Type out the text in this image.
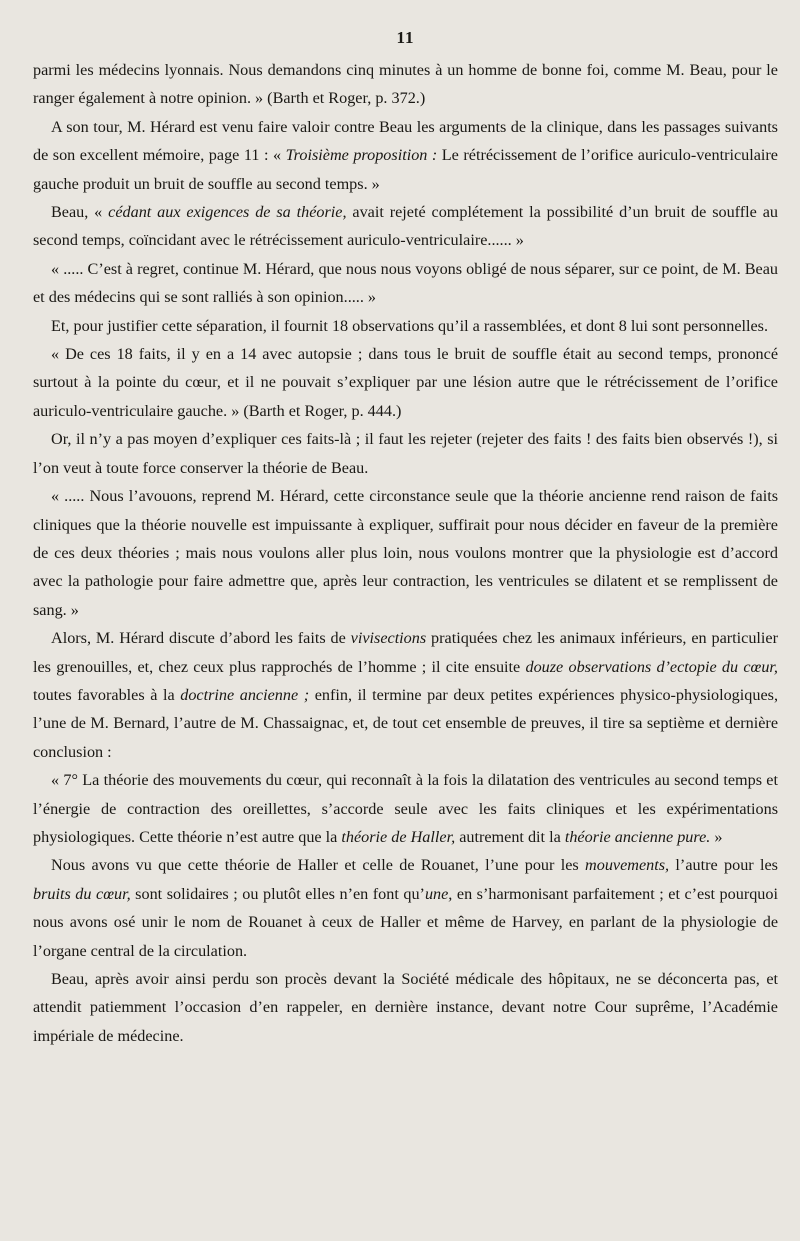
11

parmi les médecins lyonnais. Nous demandons cinq minutes à un homme de bonne foi, comme M. Beau, pour le ranger également à notre opinion. » (Barth et Roger, p. 372.)

A son tour, M. Hérard est venu faire valoir contre Beau les arguments de la clinique, dans les passages suivants de son excellent mémoire, page 11 : « Troisième proposition : Le rétrécissement de l’orifice auriculo-ventriculaire gauche produit un bruit de souffle au second temps. »

Beau, « cédant aux exigences de sa théorie, avait rejeté complétement la possibilité d’un bruit de souffle au second temps, coïncidant avec le rétrécissement auriculo-ventriculaire...... »

« ..... C’est à regret, continue M. Hérard, que nous nous voyons obligé de nous séparer, sur ce point, de M. Beau et des médecins qui se sont ralliés à son opinion..... »

Et, pour justifier cette séparation, il fournit 18 observations qu’il a rassemblées, et dont 8 lui sont personnelles.

« De ces 18 faits, il y en a 14 avec autopsie ; dans tous le bruit de souffle était au second temps, prononcé surtout à la pointe du cœur, et il ne pouvait s’expliquer par une lésion autre que le rétrécissement de l’orifice auriculo-ventriculaire gauche. » (Barth et Roger, p. 444.)

Or, il n’y a pas moyen d’expliquer ces faits-là ; il faut les rejeter (rejeter des faits ! des faits bien observés !), si l’on veut à toute force conserver la théorie de Beau.

« ..... Nous l’avouons, reprend M. Hérard, cette circonstance seule que la théorie ancienne rend raison de faits cliniques que la théorie nouvelle est impuissante à expliquer, suffirait pour nous décider en faveur de la première de ces deux théories ; mais nous voulons aller plus loin, nous voulons montrer que la physiologie est d’accord avec la pathologie pour faire admettre que, après leur contraction, les ventricules se dilatent et se remplissent de sang. »

Alors, M. Hérard discute d’abord les faits de vivisections pratiquées chez les animaux inférieurs, en particulier les grenouilles, et, chez ceux plus rapprochés de l’homme ; il cite ensuite douze observations d’ectopie du cœur, toutes favorables à la doctrine ancienne ; enfin, il termine par deux petites expériences physico-physiologiques, l’une de M. Bernard, l’autre de M. Chassaignac, et, de tout cet ensemble de preuves, il tire sa septième et dernière conclusion :

« 7° La théorie des mouvements du cœur, qui reconnaît à la fois la dilatation des ventricules au second temps et l’énergie de contraction des oreillettes, s’accorde seule avec les faits cliniques et les expérimentations physiologiques. Cette théorie n’est autre que la théorie de Haller, autrement dit la théorie ancienne pure. »

Nous avons vu que cette théorie de Haller et celle de Rouanet, l’une pour les mouvements, l’autre pour les bruits du cœur, sont solidaires ; ou plutôt elles n’en font qu’une, en s’harmonisant parfaitement ; et c’est pourquoi nous avons osé unir le nom de Rouanet à ceux de Haller et même de Harvey, en parlant de la physiologie de l’organe central de la circulation.

Beau, après avoir ainsi perdu son procès devant la Société médicale des hôpitaux, ne se déconcerta pas, et attendit patiemment l’occasion d’en rappeler, en dernière instance, devant notre Cour suprême, l’Académie impériale de médecine.
